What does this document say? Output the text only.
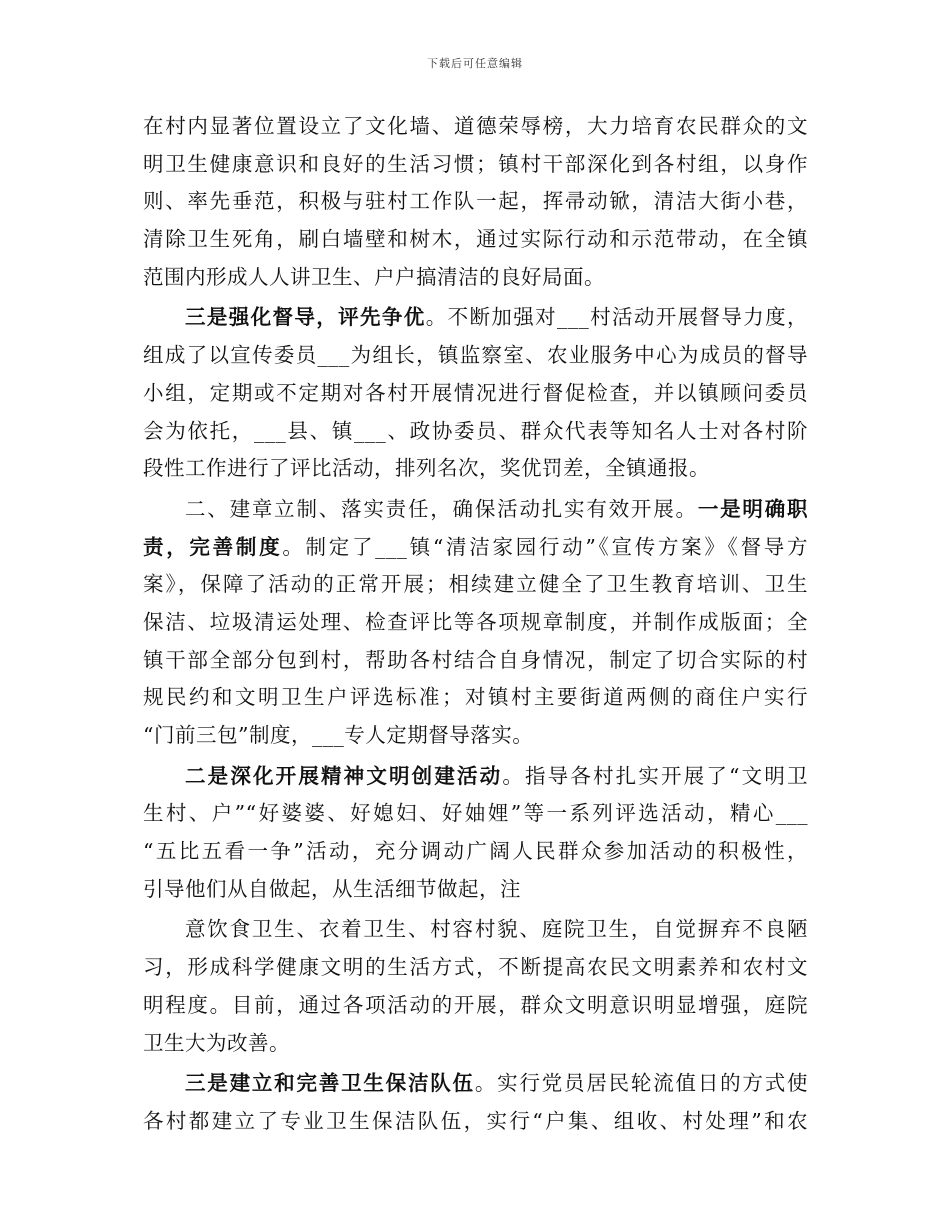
下载后可任意编辑
在村内显著位置设立了文化墙、道德荣辱榜，大力培育农民群众的文
明卫生健康意识和良好的生活习惯；镇村干部深化到各村组，以身作
则、率先垂范，积极与驻村工作队一起，挥帚动锨，清洁大街小巷，
清除卫生死角，刷白墙壁和树木，通过实际行动和示范带动，在全镇
范围内形成人人讲卫生、户户搞清洁的良好局面。
三是强化督导，评先争优。不断加强对___村活动开展督导力度，
组成了以宣传委员___为组长，镇监察室、农业服务中心为成员的督导
小组，定期或不定期对各村开展情况进行督促检查，并以镇顾问委员
会为依托，___县、镇___、政协委员、群众代表等知名人士对各村阶
段性工作进行了评比活动，排列名次，奖优罚差，全镇通报。
二、建章立制、落实责任，确保活动扎实有效开展。一是明确职
责，完善制度。制定了___镇“清洁家园行动”《宣传方案》《督导方
案》，保障了活动的正常开展；相续建立健全了卫生教育培训、卫生
保洁、垃圾清运处理、检查评比等各项规章制度，并制作成版面；全
镇干部全部分包到村，帮助各村结合自身情况，制定了切合实际的村
规民约和文明卫生户评选标准；对镇村主要街道两侧的商住户实行
“门前三包”制度，___专人定期督导落实。
二是深化开展精神文明创建活动。指导各村扎实开展了“文明卫
生村、户”“好婆婆、好媳妇、好妯娌”等一系列评选活动，精心___
“五比五看一争”活动，充分调动广阔人民群众参加活动的积极性，
引导他们从自做起，从生活细节做起，注
意饮食卫生、衣着卫生、村容村貌、庭院卫生，自觉摒弃不良陋
习，形成科学健康文明的生活方式，不断提高农民文明素养和农村文
明程度。目前，通过各项活动的开展，群众文明意识明显增强，庭院
卫生大为改善。
三是建立和完善卫生保洁队伍。实行党员居民轮流值日的方式使
各村都建立了专业卫生保洁队伍，实行“户集、组收、村处理”和农
